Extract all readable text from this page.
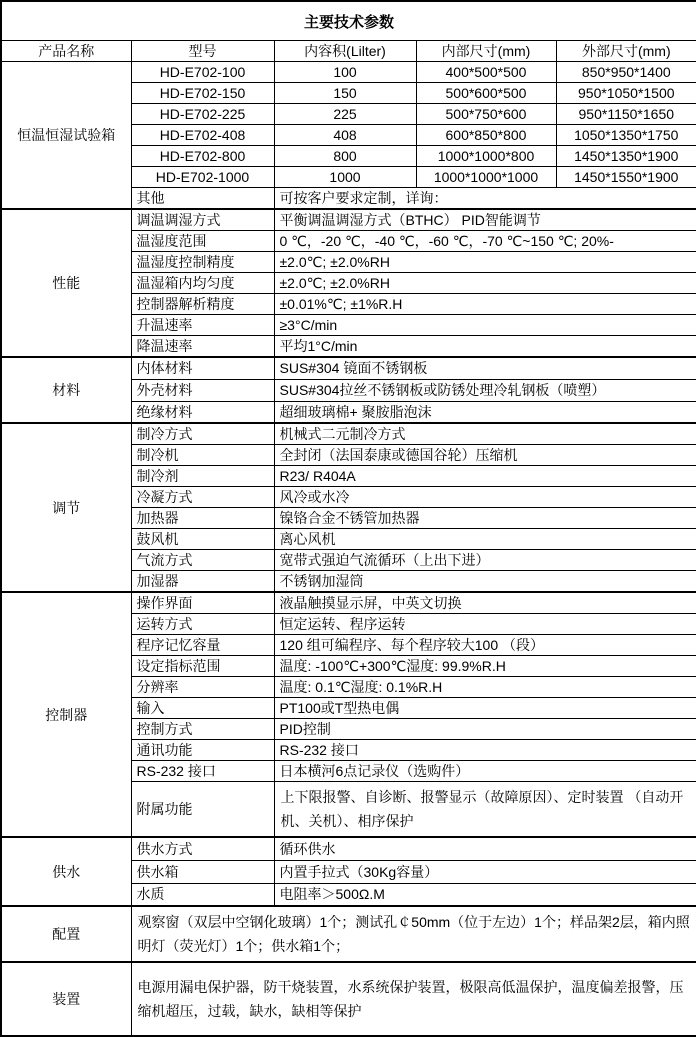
主要技术参数				
产品名称	型号	内容积(Lilter)	内部尺寸(mm)	外部尺寸(mm)
恒温恒湿试验箱	HD-E702-100	100	400*500*500	850*950*1400
	HD-E702-150	150	500*600*500	950*1050*1500
	HD-E702-225	225	500*750*600	950*1150*1650
	HD-E702-408	408	600*850*800	1050*1350*1750
	HD-E702-800	800	1000*1000*800	1450*1350*1900
	HD-E702-1000	1000	1000*1000*1000	1450*1550*1900
	其他	可按客户要求定制，详询：		
性能	调温调湿方式	平衡调温调湿方式（BTHC） PID智能调节		
	温湿度范围	0 ℃，-20 ℃，-40 ℃，-60 ℃，-70 ℃~150 ℃; 20%-		
	温湿度控制精度	±2.0℃; ±2.0%RH		
	温湿箱内均匀度	±2.0℃; ±2.0%RH		
	控制器解析精度	±0.01%℃; ±1%R.H		
	升温速率	≥3°C/min		
	降温速率	平均1°C/min		
材料	内体材料	SUS#304 镜面不锈钢板		
	外壳材料	SUS#304拉丝不锈钢板或防锈处理冷轧钢板（喷塑）		
	绝缘材料	超细玻璃棉+ 聚胺脂泡沫		
调节	制冷方式	机械式二元制冷方式		
	制冷机	全封闭（法国泰康或德国谷轮）压缩机		
	制冷剂	R23/ R404A		
	冷凝方式	风冷或水冷		
	加热器	镍铬合金不锈管加热器		
	鼓风机	离心风机		
	气流方式	宽带式强迫气流循环（上出下进）		
	加湿器	不锈钢加湿筒		
控制器	操作界面	液晶触摸显示屏，中英文切换		
	运转方式	恒定运转、程序运转		
	程序记忆容量	120 组可编程序、每个程序较大100 （段）		
	设定指标范围	温度: -100℃+300℃湿度: 99.9%R.H		
	分辨率	温度: 0.1℃湿度: 0.1%R.H		
	输入	PT100或T型热电偶		
	控制方式	PID控制		
	通讯功能	RS-232 接口		
	RS-232 接口	日本横河6点记录仪（选购件）		
	附属功能	上下限报警、自诊断、报警显示（故障原因）、定时装置 （自动开机、关机）、相序保护		
供水	供水方式	循环供水		
	供水箱	内置手拉式（30Kg容量）		
	水质	电阻率＞500Ω.M		
配置	观察窗（双层中空钢化玻璃）1个；测试孔￠50mm（位于左边）1个；样品架2层，箱内照明灯（荧光灯）1个；供水箱1个；			
装置	电源用漏电保护器，防干烧装置，水系统保护装置，极限高低温保护，温度偏差报警，压缩机超压，过载，缺水，缺相等保护			
